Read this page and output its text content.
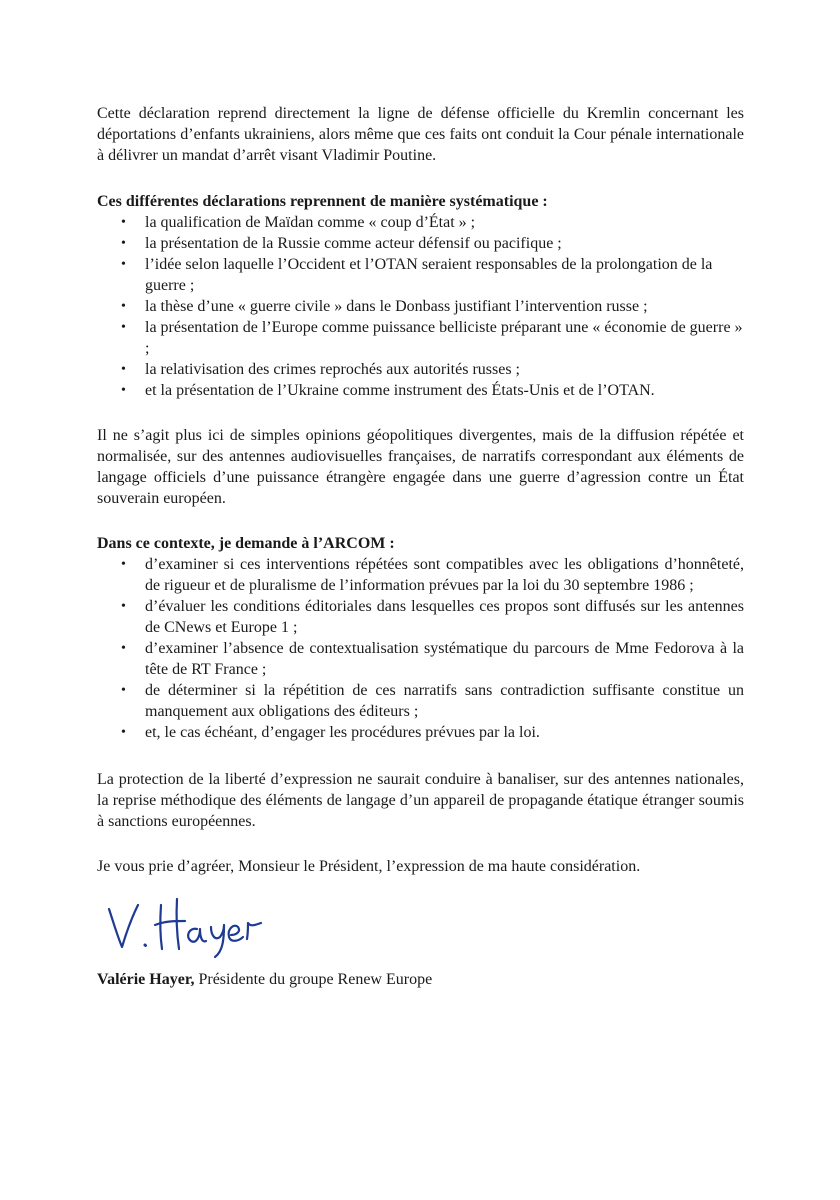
Cette déclaration reprend directement la ligne de défense officielle du Kremlin concernant les déportations d’enfants ukrainiens, alors même que ces faits ont conduit la Cour pénale internationale à délivrer un mandat d’arrêt visant Vladimir Poutine.

Ces différentes déclarations reprennent de manière systématique :

• la qualification de Maïdan comme « coup d’État » ;
• la présentation de la Russie comme acteur défensif ou pacifique ;
• l’idée selon laquelle l’Occident et l’OTAN seraient responsables de la prolongation de la guerre ;
• la thèse d’une « guerre civile » dans le Donbass justifiant l’intervention russe ;
• la présentation de l’Europe comme puissance belliciste préparant une « économie de guerre » ;
• la relativisation des crimes reprochés aux autorités russes ;
• et la présentation de l’Ukraine comme instrument des États-Unis et de l’OTAN.

Il ne s’agit plus ici de simples opinions géopolitiques divergentes, mais de la diffusion répétée et normalisée, sur des antennes audiovisuelles françaises, de narratifs correspondant aux éléments de langage officiels d’une puissance étrangère engagée dans une guerre d’agression contre un État souverain européen.

Dans ce contexte, je demande à l’ARCOM :

• d’examiner si ces interventions répétées sont compatibles avec les obligations d’honnêteté, de rigueur et de pluralisme de l’information prévues par la loi du 30 septembre 1986 ;
• d’évaluer les conditions éditoriales dans lesquelles ces propos sont diffusés sur les antennes de CNews et Europe 1 ;
• d’examiner l’absence de contextualisation systématique du parcours de Mme Fedorova à la tête de RT France ;
• de déterminer si la répétition de ces narratifs sans contradiction suffisante constitue un manquement aux obligations des éditeurs ;
• et, le cas échéant, d’engager les procédures prévues par la loi.

La protection de la liberté d’expression ne saurait conduire à banaliser, sur des antennes nationales, la reprise méthodique des éléments de langage d’un appareil de propagande étatique étranger soumis à sanctions européennes.

Je vous prie d’agréer, Monsieur le Président, l’expression de ma haute considération.

Valérie Hayer, Présidente du groupe Renew Europe
